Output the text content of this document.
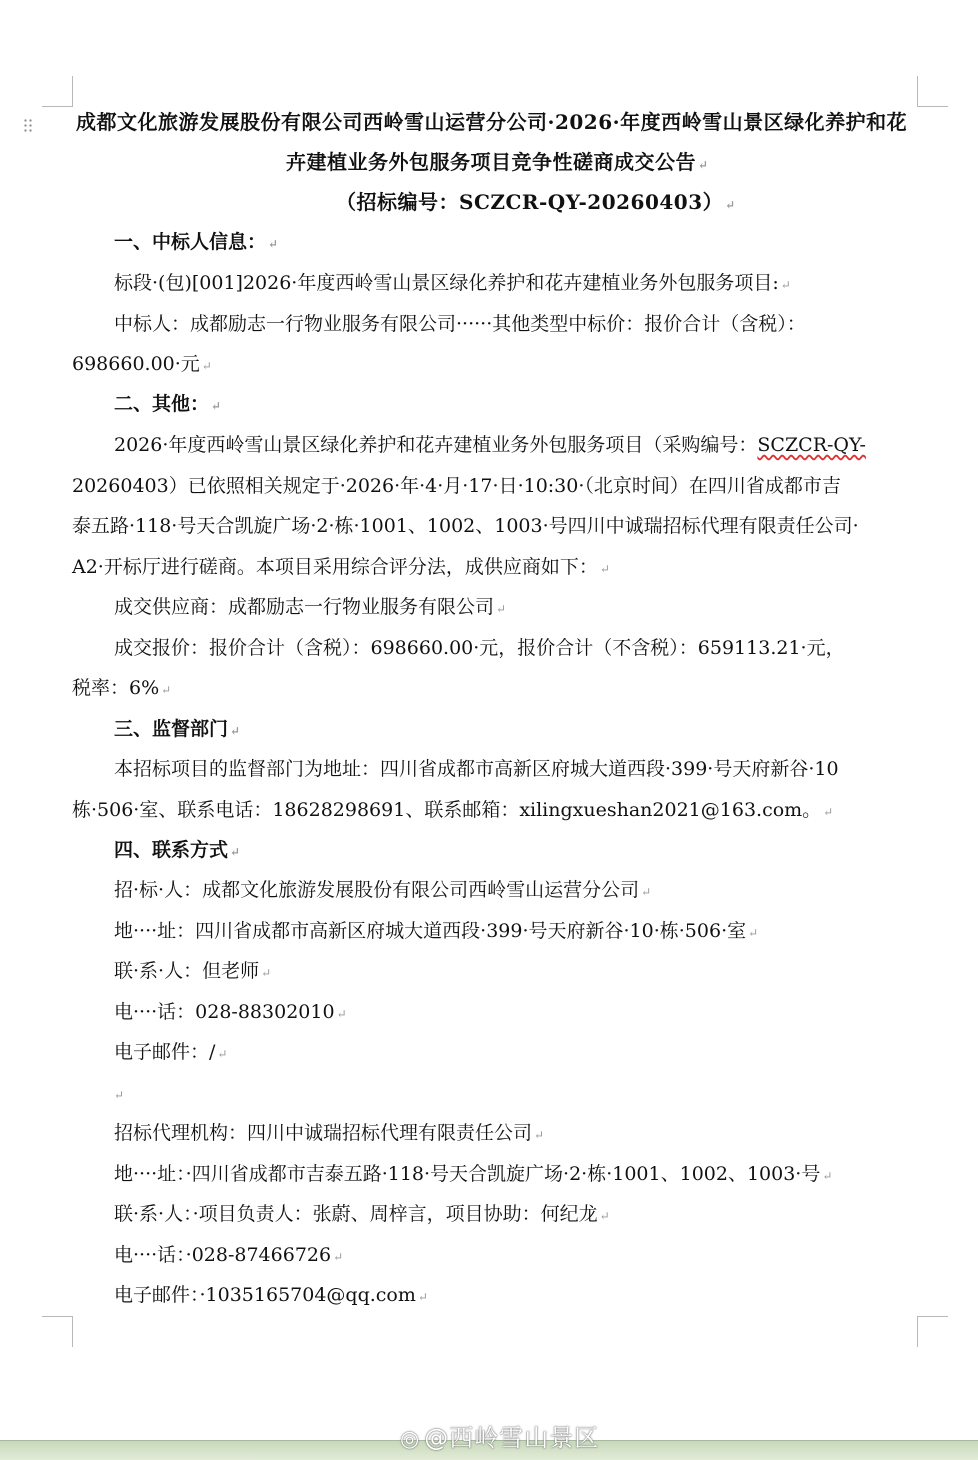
成都文化旅游发展股份有限公司西岭雪山运营分公司·2026·年度西岭雪山景区绿化养护和花
卉建植业务外包服务项目竞争性磋商成交公告 ↵
（招标编号：SCZCR-QY-20260403） ↵
一、中标人信息： ↵
标段·(包)[001]2026·年度西岭雪山景区绿化养护和花卉建植业务外包服务项目: ↵
中标人：成都励志一行物业服务有限公司······其他类型中标价：报价合计（含税）：
698660.00·元 ↵
二、其他： ↵
2026·年度西岭雪山景区绿化养护和花卉建植业务外包服务项目（采购编号：SCZCR-QY-
20260403）已依照相关规定于·2026·年·4·月·17·日·10:30·（北京时间）在四川省成都市吉
泰五路·118·号天合凯旋广场·2·栋·1001、1002、1003·号四川中诚瑞招标代理有限责任公司·
A2·开标厅进行磋商。本项目采用综合评分法，成供应商如下： ↵
成交供应商：成都励志一行物业服务有限公司 ↵
成交报价：报价合计（含税）：698660.00·元，报价合计（不含税）：659113.21·元，
税率：6% ↵
三、监督部门 ↵
本招标项目的监督部门为地址：四川省成都市高新区府城大道西段·399·号天府新谷·10
栋·506·室、联系电话：18628298691、联系邮箱：xilingxueshan2021@163.com。 ↵
四、联系方式 ↵
招·标·人：成都文化旅游发展股份有限公司西岭雪山运营分公司 ↵
地····址：四川省成都市高新区府城大道西段·399·号天府新谷·10·栋·506·室 ↵
联·系·人：但老师 ↵
电····话：028-88302010 ↵
电子邮件：/ ↵
↵
招标代理机构：四川中诚瑞招标代理有限责任公司 ↵
地····址：·四川省成都市吉泰五路·118·号天合凯旋广场·2·栋·1001、1002、1003·号 ↵
联·系·人：·项目负责人：张蔚、周梓言，项目协助：何纪龙 ↵
电····话：·028-87466726 ↵
电子邮件：·1035165704@qq.com ↵
◎ @西岭雪山景区
